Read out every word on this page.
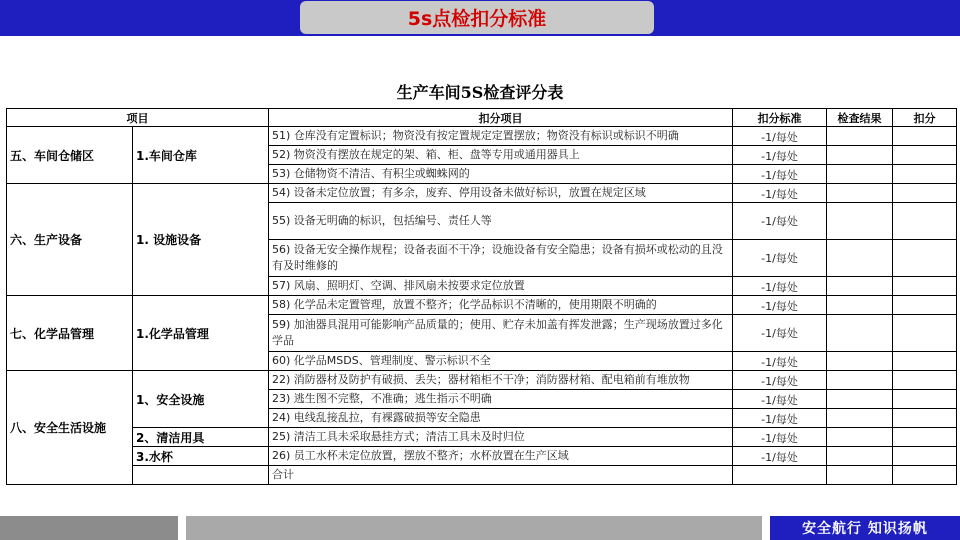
5s点检扣分标准
生产车间5S检查评分表
项目		扣分项目	扣分标准	检查结果	扣分
五、车间仓储区	1.车间仓库	51) 仓库没有定置标识；物资没有按定置规定定置摆放；物资没有标识或标识不明确	-1/每处		
		52) 物资没有摆放在规定的架、箱、柜、盘等专用或通用器具上	-1/每处		
		53) 仓储物资不清洁、有积尘或蜘蛛网的	-1/每处		
六、生产设备	1. 设施设备	54) 设备未定位放置；有多余，废弃、停用设备未做好标识，放置在规定区域	-1/每处		
		55) 设备无明确的标识，包括编号、责任人等	-1/每处		
		56) 设备无安全操作规程；设备表面不干净；设施设备有安全隐患；设备有损坏或松动的且没有及时维修的	-1/每处		
		57) 风扇、照明灯、空调、排风扇未按要求定位放置	-1/每处		
七、化学品管理	1.化学品管理	58) 化学品未定置管理，放置不整齐；化学品标识不清晰的，使用期限不明确的	-1/每处		
		59) 加油器具混用可能影响产品质量的；使用、贮存未加盖有挥发泄露；生产现场放置过多化学品	-1/每处		
		60) 化学品MSDS、管理制度、警示标识不全	-1/每处		
八、安全生活设施	1、安全设施	22) 消防器材及防护有破损、丢失；器材箱柜不干净；消防器材箱、配电箱前有堆放物	-1/每处		
		23) 逃生图不完整，不准确；逃生指示不明确	-1/每处		
		24) 电线乱接乱拉，有裸露破损等安全隐患	-1/每处		
	2、清洁用具	25) 清洁工具未采取悬挂方式；清洁工具未及时归位	-1/每处		
	3.水杯	26) 员工水杯未定位放置，摆放不整齐；水杯放置在生产区域	-1/每处		
		合计			
安全航行 知识扬帆
